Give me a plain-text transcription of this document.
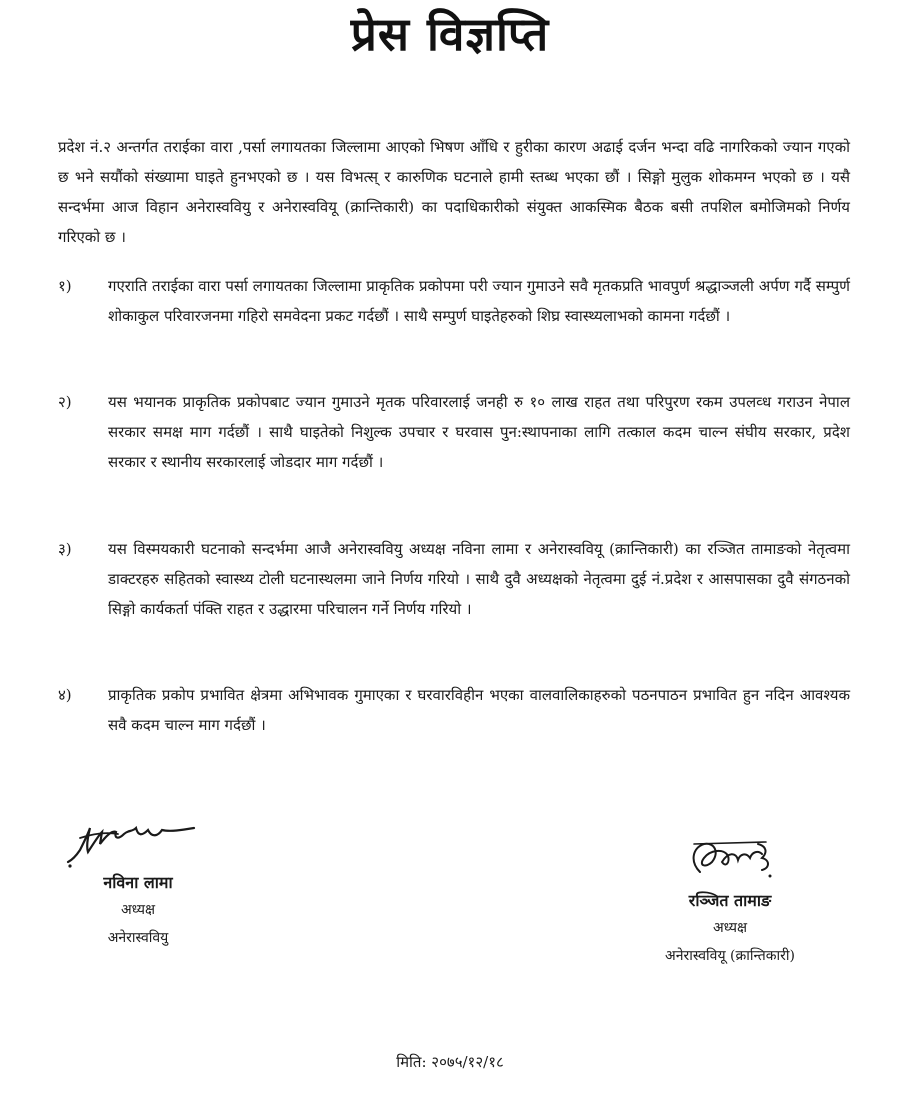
प्रेस विज्ञप्ति
प्रदेश नं.२ अन्तर्गत तराईका वारा ,पर्सा लगायतका जिल्लामा आएको भिषण आँधि र हुरीका कारण अढाई दर्जन भन्दा वढि नागरिकको ज्यान गएको छ भने सयौंको संख्यामा घाइते हुनभएको छ । यस विभत्स् र कारुणिक घटनाले हामी स्तब्ध भएका छौं । सिङ्गो मुलुक शोकमग्न भएको छ । यसै सन्दर्भमा आज विहान अनेरास्ववियु र अनेरास्ववियू (क्रान्तिकारी) का पदाधिकारीको संयुक्त आकस्मिक बैठक बसी तपशिल बमोजिमको निर्णय गरिएको छ ।
१)	गएराति तराईका वारा पर्सा लगायतका जिल्लामा प्राकृतिक प्रकोपमा परी ज्यान गुमाउने सवै मृतकप्रति भावपुर्ण श्रद्धाञ्जली अर्पण गर्दै सम्पुर्ण शोकाकुल परिवारजनमा गहिरो समवेदना प्रकट गर्दछौं । साथै सम्पुर्ण घाइतेहरुको शिघ्र स्वास्थ्यलाभको कामना गर्दछौं ।
२)	यस भयानक प्राकृतिक प्रकोपबाट ज्यान गुमाउने मृतक परिवारलाई जनही रु १० लाख राहत तथा परिपुरण रकम उपलव्ध गराउन नेपाल सरकार समक्ष माग गर्दछौं । साथै घाइतेको निशुल्क उपचार र घरवास पुन:स्थापनाका लागि तत्काल कदम चाल्न संघीय सरकार, प्रदेश सरकार र स्थानीय सरकारलाई जोडदार माग गर्दछौं ।
३)	यस विस्मयकारी घटनाको सन्दर्भमा आजै अनेरास्ववियु अध्यक्ष नविना लामा र अनेरास्ववियू (क्रान्तिकारी) का रञ्जित तामाङको नेतृत्वमा डाक्टरहरु सहितको स्वास्थ्य टोली घटनास्थलमा जाने निर्णय गरियो । साथै दुवै अध्यक्षको नेतृत्वमा दुई नं.प्रदेश र आसपासका दुवै संगठनको सिङ्गो कार्यकर्ता पंक्ति राहत र उद्धारमा परिचालन गर्ने निर्णय गरियो ।
४)	प्राकृतिक प्रकोप प्रभावित क्षेत्रमा अभिभावक गुमाएका र घरवारविहीन भएका वालवालिकाहरुको पठनपाठन प्रभावित हुन नदिन आवश्यक सवै कदम चाल्न माग गर्दछौं ।
नविना लामा
अध्यक्ष
अनेरास्ववियु
रञ्जित तामाङ
अध्यक्ष
अनेरास्ववियू (क्रान्तिकारी)
मिति: २०७५/१२/१८
